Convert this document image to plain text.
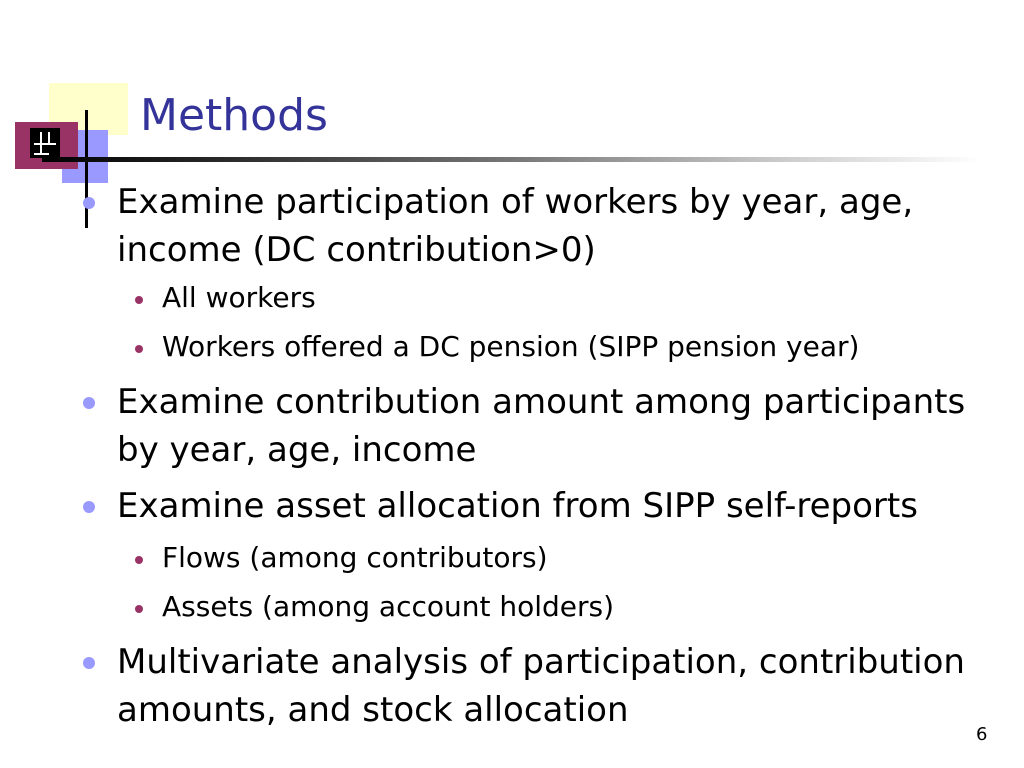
Methods
Examine participation of workers by year, age, income (DC contribution>0)
All workers
Workers offered a DC pension (SIPP pension year)
Examine contribution amount among participants by year, age, income
Examine asset allocation from SIPP self-reports
Flows (among contributors)
Assets (among account holders)
Multivariate analysis of participation, contribution amounts, and stock allocation
6
